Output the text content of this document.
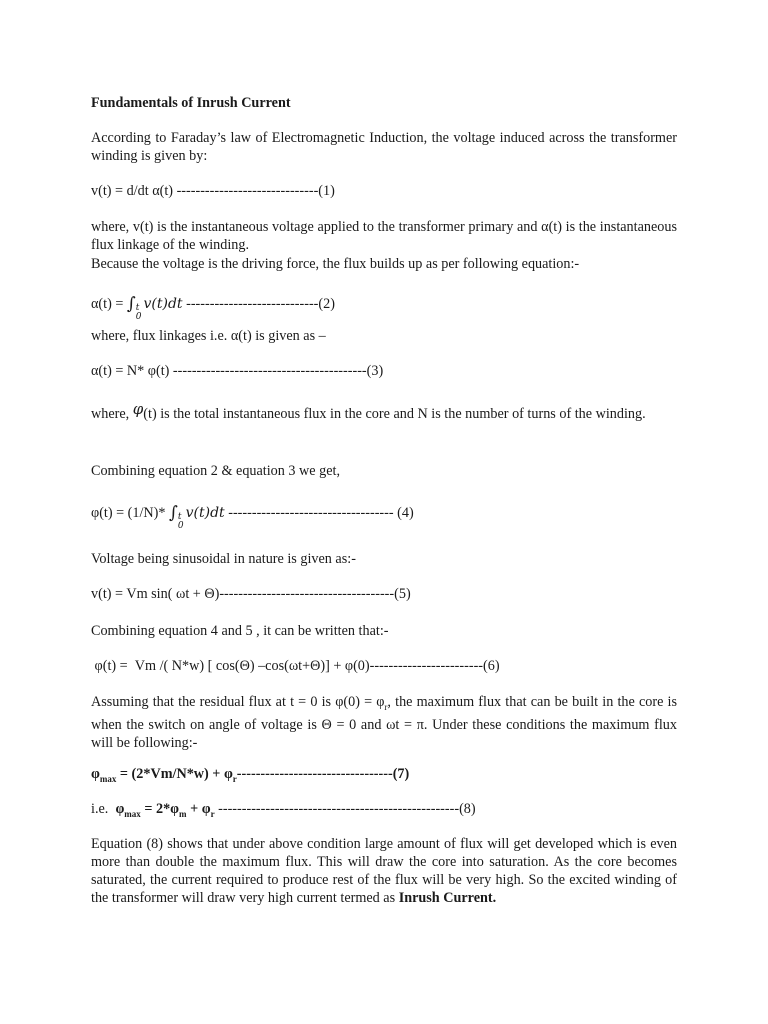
Fundamentals of Inrush Current

According to Faraday’s law of Electromagnetic Induction, the voltage induced across the transformer winding is given by:

v(t) = d/dt α(t) ------------------------------(1)

where, v(t) is the instantaneous voltage applied to the transformer primary and α(t) is the instantaneous flux linkage of the winding.

Because the voltage is the driving force, the flux builds up as per following equation:-

α(t) = ∫ t
0
v(t)dt ----------------------------(2)

where, flux linkages i.e. α(t) is given as –

α(t) = N* φ(t) -----------------------------------------(3)

where, φ(t) is the total instantaneous flux in the core and N is the number of turns of the winding.

Combining equation 2 & equation 3 we get,

φ(t) = (1/N)* ∫ t
0
v(t)dt ----------------------------------- (4)

Voltage being sinusoidal in nature is given as:-

v(t) = Vm sin( ωt + Θ)-------------------------------------(5)

Combining equation 4 and 5 , it can be written that:-

φ(t) =  Vm /( N*w) [ cos(Θ) –cos(ωt+Θ)] + φ(0)------------------------(6)

Assuming that the residual flux at t = 0 is $\varphi(0) = \varphi_r$, the maximum flux that can be built in the core is when the switch on angle of voltage is Θ = 0 and ωt = π. Under these conditions the maximum flux will be following:-

$\varphi_{max} = (2*Vm/N*w) + \varphi_r---------------------------------(7)$

i.e.  $\varphi_{max} = 2*\varphi_m + \varphi_r$ ---------------------------------------------------(8)

Equation (8) shows that under above condition large amount of flux will get developed which is even more than double the maximum flux. This will draw the core into saturation. As the core becomes saturated, the current required to produce rest of the flux will be very high. So the excited winding of the transformer will draw very high current termed as Inrush Current.
